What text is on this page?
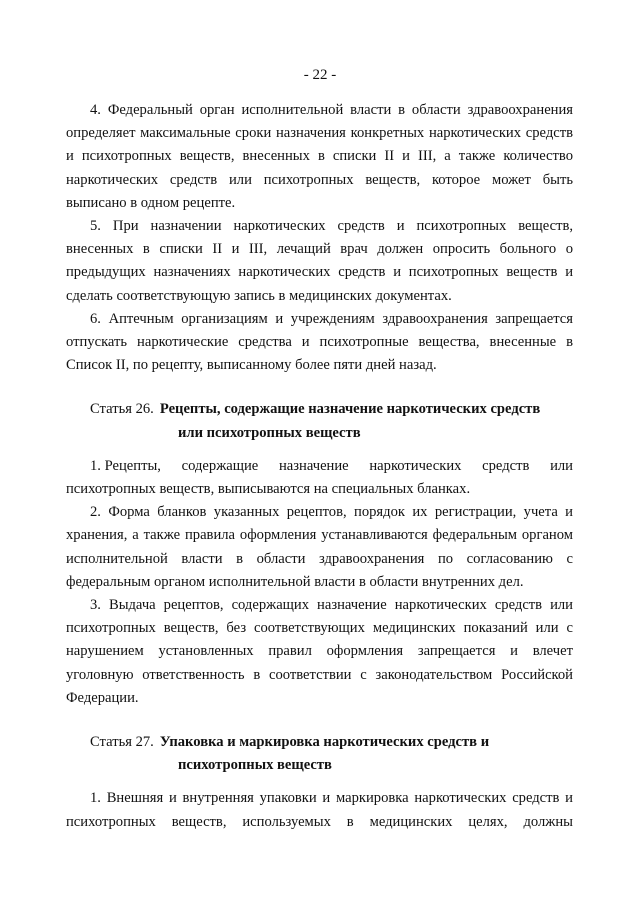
- 22 -

4. Федеральный орган исполнительной власти в области здравоохранения определяет максимальные сроки назначения конкретных наркотических средств и психотропных веществ, внесенных в списки II и III, а также количество наркотических средств или психотропных веществ, которое может быть выписано в одном рецепте.

5. При назначении наркотических средств и психотропных веществ, внесенных в списки II и III, лечащий врач должен опросить больного о предыдущих назначениях наркотических средств и психотропных веществ и сделать соответствующую запись в медицинских документах.

6. Аптечным организациям и учреждениям здравоохранения запрещается отпускать наркотические средства и психотропные вещества, внесенные в Список II, по рецепту, выписанному более пяти дней назад.

Статья 26. Рецепты, содержащие назначение наркотических средств
или психотропных веществ
1. Рецепты, содержащие назначение наркотических средств или

психотропных веществ, выписываются на специальных бланках.

2. Форма бланков указанных рецептов, порядок их регистрации, учета и хранения, а также правила оформления устанавливаются федеральным органом исполнительной власти в области здравоохранения по согласованию с федеральным органом исполнительной власти в области внутренних дел.

3. Выдача рецептов, содержащих назначение наркотических средств или психотропных веществ, без соответствующих медицинских показаний или с нарушением установленных правил оформления запрещается и влечет уголовную ответственность в соответствии с законодательством Российской Федерации.

Статья 27. Упаковка и маркировка наркотических средств и
психотропных веществ

1. Внешняя и внутренняя упаковки и маркировка наркотических средств и

психотропных веществ, используемых в медицинских целях, должны
